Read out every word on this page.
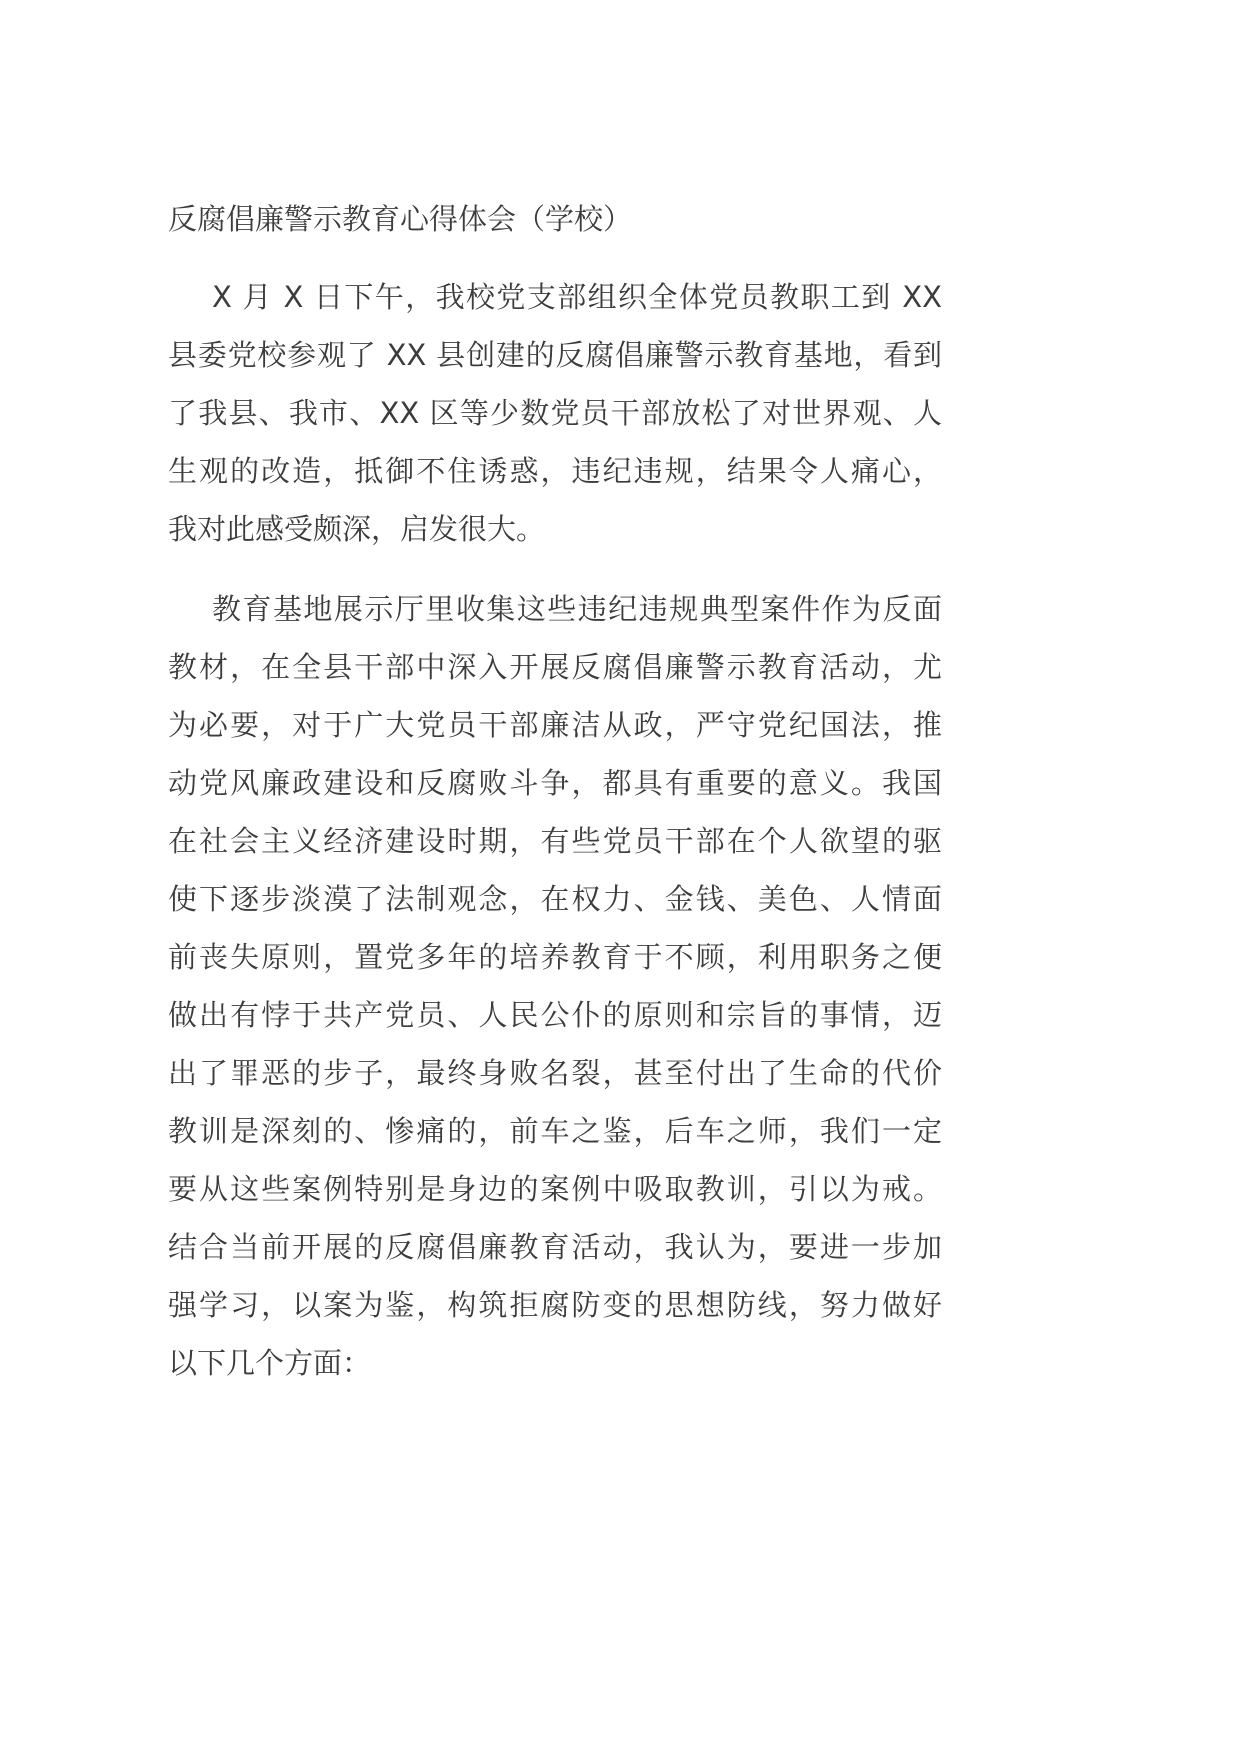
反腐倡廉警示教育心得体会（学校）
X 月 X 日下午，我校党支部组织全体党员教职工到 XX
县委党校参观了 XX 县创建的反腐倡廉警示教育基地，看到
了我县、我市、XX 区等少数党员干部放松了对世界观、人
生观的改造，抵御不住诱惑，违纪违规，结果令人痛心，
我对此感受颇深，启发很大。
教育基地展示厅里收集这些违纪违规典型案件作为反面
教材，在全县干部中深入开展反腐倡廉警示教育活动，尤
为必要，对于广大党员干部廉洁从政，严守党纪国法，推
动党风廉政建设和反腐败斗争，都具有重要的意义。我国
在社会主义经济建设时期，有些党员干部在个人欲望的驱
使下逐步淡漠了法制观念，在权力、金钱、美色、人情面
前丧失原则，置党多年的培养教育于不顾，利用职务之便
做出有悖于共产党员、人民公仆的原则和宗旨的事情，迈
出了罪恶的步子，最终身败名裂，甚至付出了生命的代价
教训是深刻的、惨痛的，前车之鉴，后车之师，我们一定
要从这些案例特别是身边的案例中吸取教训，引以为戒。
结合当前开展的反腐倡廉教育活动，我认为，要进一步加
强学习，以案为鉴，构筑拒腐防变的思想防线，努力做好
以下几个方面：
